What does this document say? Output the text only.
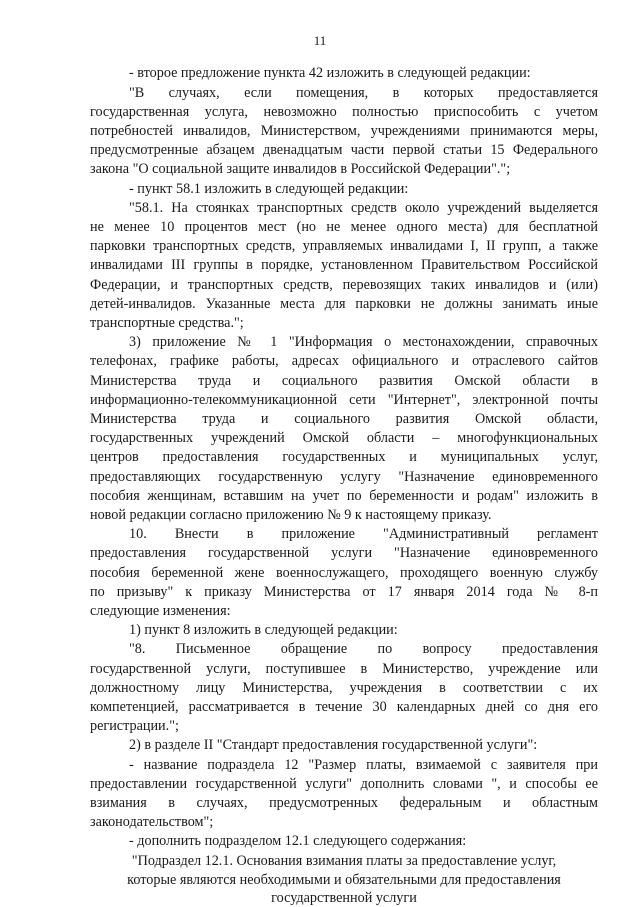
11
- второе предложение пункта 42 изложить в следующей редакции:
"В случаях, если помещения, в которых предоставляется
государственная услуга, невозможно полностью приспособить с учетом
потребностей инвалидов, Министерством, учреждениями принимаются меры,
предусмотренные абзацем двенадцатым части первой статьи 15 Федерального
закона "О социальной защите инвалидов в Российской Федерации".";
- пункт 58.1 изложить в следующей редакции:
"58.1. На стоянках транспортных средств около учреждений выделяется
не менее 10 процентов мест (но не менее одного места) для бесплатной
парковки транспортных средств, управляемых инвалидами I, II групп, а также
инвалидами III группы в порядке, установленном Правительством Российской
Федерации, и транспортных средств, перевозящих таких инвалидов и (или)
детей-инвалидов. Указанные места для парковки не должны занимать иные
транспортные средства.";
3) приложение № 1 "Информация о местонахождении, справочных
телефонах, графике работы, адресах официального и отраслевого сайтов
Министерства труда и социального развития Омской области в
информационно-телекоммуникационной сети "Интернет", электронной почты
Министерства труда и социального развития Омской области,
государственных учреждений Омской области – многофункциональных
центров предоставления государственных и муниципальных услуг,
предоставляющих государственную услугу "Назначение единовременного
пособия женщинам, вставшим на учет по беременности и родам" изложить в
новой редакции согласно приложению № 9 к настоящему приказу.
10. Внести в приложение "Административный регламент
предоставления государственной услуги "Назначение единовременного
пособия беременной жене военнослужащего, проходящего военную службу
по призыву" к приказу Министерства от 17 января 2014 года № 8-п
следующие изменения:
1) пункт 8 изложить в следующей редакции:
"8. Письменное обращение по вопросу предоставления
государственной услуги, поступившее в Министерство, учреждение или
должностному лицу Министерства, учреждения в соответствии с их
компетенцией, рассматривается в течение 30 календарных дней со дня его
регистрации.";
2) в разделе II "Стандарт предоставления государственной услуги":
- название подраздела 12 "Размер платы, взимаемой с заявителя при
предоставлении государственной услуги" дополнить словами ", и способы ее
взимания в случаях, предусмотренных федеральным и областным
законодательством";
- дополнить подразделом 12.1 следующего содержания:
"Подраздел 12.1. Основания взимания платы за предоставление услуг,
которые являются необходимыми и обязательными для предоставления
государственной услуги
